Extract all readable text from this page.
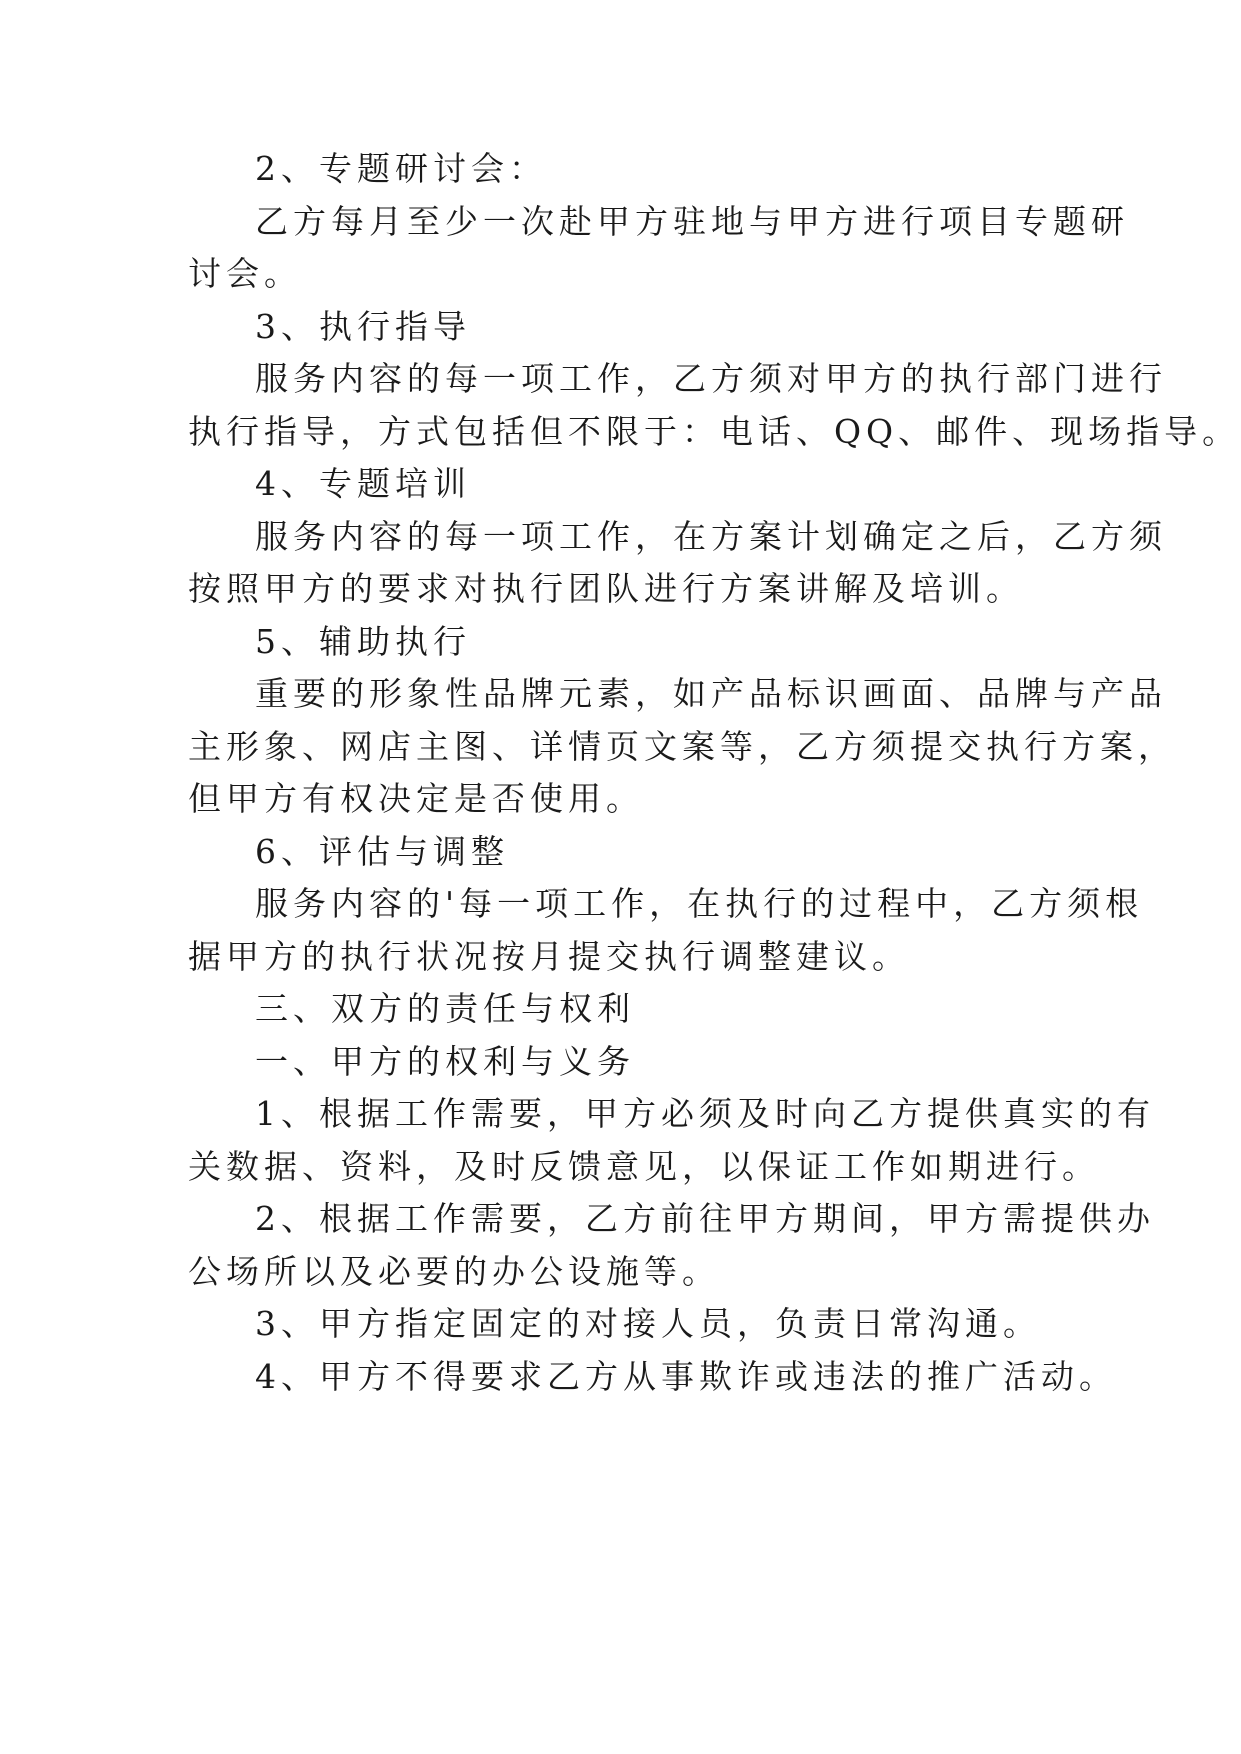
2、专题研讨会：
乙方每月至少一次赴甲方驻地与甲方进行项目专题研
讨会。
3、执行指导
服务内容的每一项工作，乙方须对甲方的执行部门进行
执行指导，方式包括但不限于：电话、QQ、邮件、现场指导。
4、专题培训
服务内容的每一项工作，在方案计划确定之后，乙方须
按照甲方的要求对执行团队进行方案讲解及培训。
5、辅助执行
重要的形象性品牌元素，如产品标识画面、品牌与产品
主形象、网店主图、详情页文案等，乙方须提交执行方案，
但甲方有权决定是否使用。
6、评估与调整
服务内容的'每一项工作，在执行的过程中，乙方须根
据甲方的执行状况按月提交执行调整建议。
三、双方的责任与权利
一、甲方的权利与义务
1、根据工作需要，甲方必须及时向乙方提供真实的有
关数据、资料，及时反馈意见，以保证工作如期进行。
2、根据工作需要，乙方前往甲方期间，甲方需提供办
公场所以及必要的办公设施等。
3、甲方指定固定的对接人员，负责日常沟通。
4、甲方不得要求乙方从事欺诈或违法的推广活动。
